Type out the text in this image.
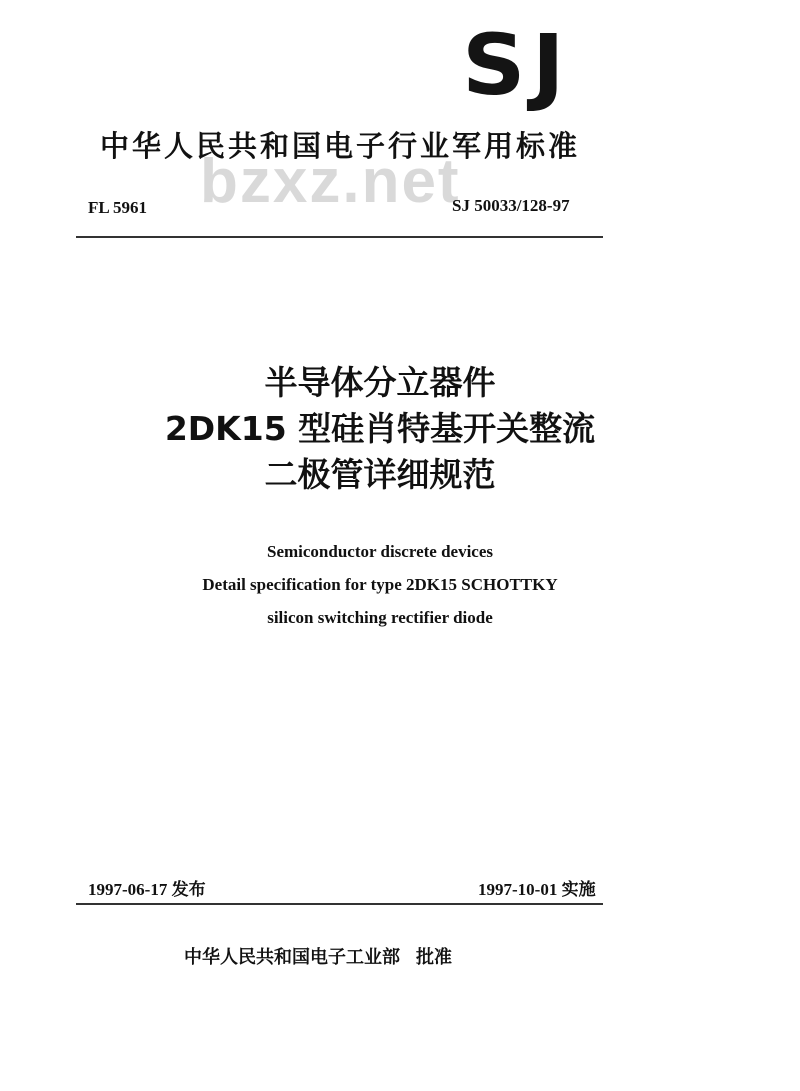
SJ
bzxz.net
中华人民共和国电子行业军用标准
FL 5961	SJ 50033/128-97
半导体分立器件
2DK15 型硅肖特基开关整流
二极管详细规范
Semiconductor discrete devices
Detail specification for type 2DK15 SCHOTTKY
silicon switching rectifier diode
1997-06-17 发布	1997-10-01 实施
中华人民共和国电子工业部 批准
